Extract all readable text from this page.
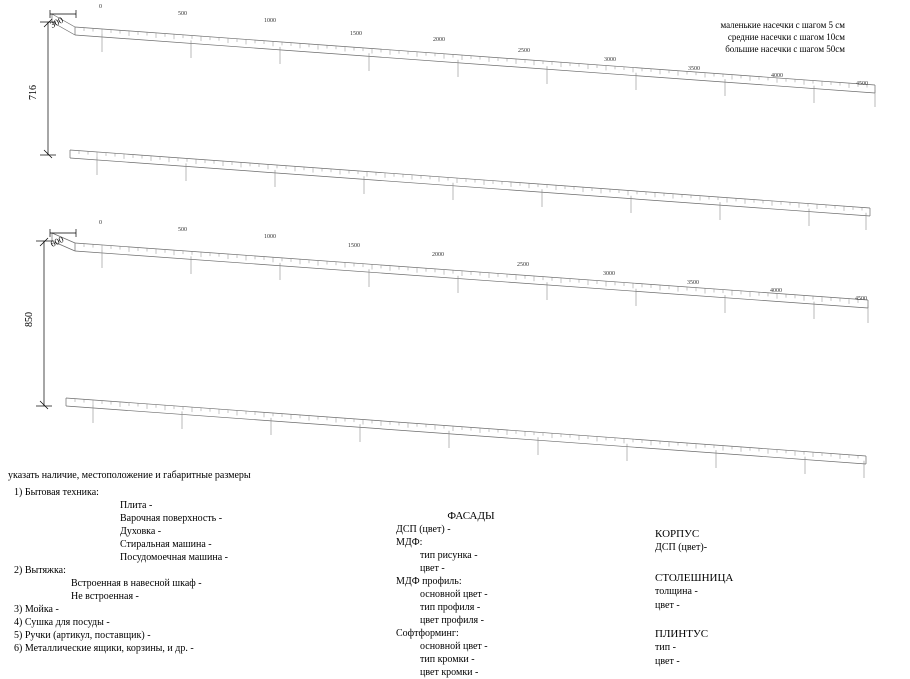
0
500
1000
1500
2000
2500
3000
3500
4000
4500
0
500
1000
1500
2000
2500
3000
3500
4000
4500
300
716
600
850
маленькие насечки с шагом 5 см
средние насечки с шагом 10см
большие насечки с шагом 50см
указать наличие, местоположение и габаритные размеры
1) Бытовая техника:
Плита -
Варочная поверхность -
Духовка -
Стиральная машина -
Посудомоечная машина -
2) Вытяжка:
Встроенная в навесной шкаф -
Не встроенная -
3) Мойка -
4) Сушка для посуды -
5) Ручки (артикул, поставщик) -
6) Металлические ящики, корзины, и др. -
ФАСАДЫ
ДСП (цвет) -
МДФ:
тип рисунка -
цвет -
МДФ профиль:
основной цвет -
тип профиля -
цвет профиля -
Софтформинг:
основной цвет -
тип кромки -
цвет кромки -
КОРПУС
ДСП (цвет)-
СТОЛЕШНИЦА
толщина -
цвет -
ПЛИНТУС
тип -
цвет -
